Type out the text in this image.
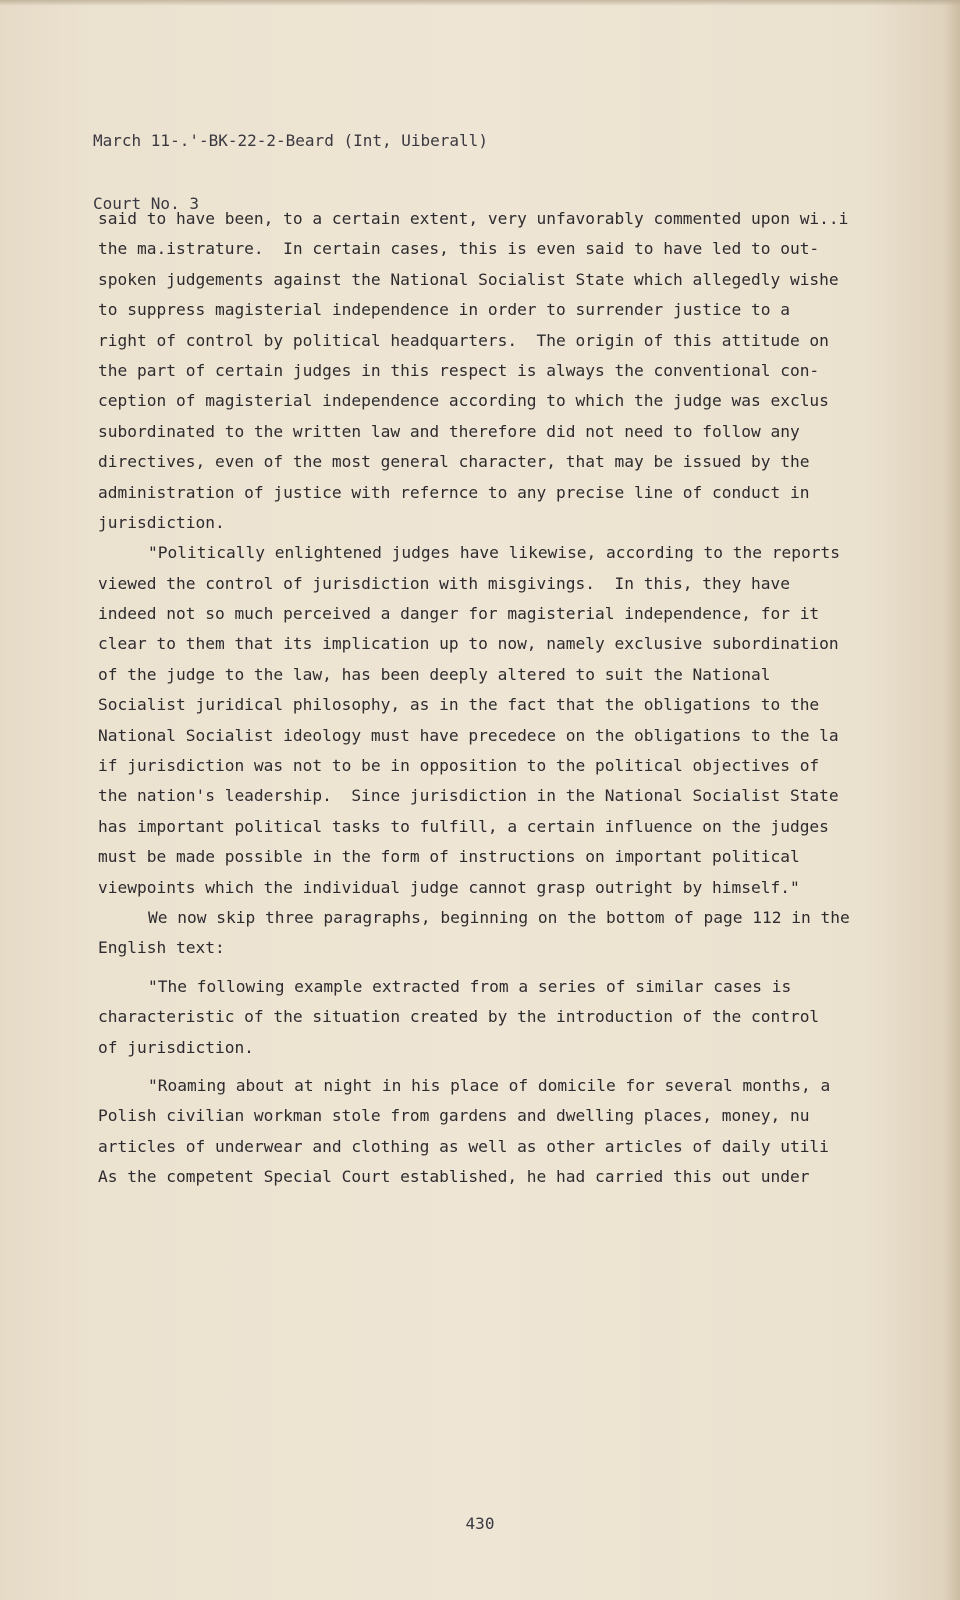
March 11-.'-BK-22-2-Beard (Int, Uiberall)

Court No. 3

said to have been, to a certain extent, very unfavorably commented upon wi..i
the ma.istrature.  In certain cases, this is even said to have led to out-
spoken judgements against the National Socialist State which allegedly wishe
to suppress magisterial independence in order to surrender justice to a
right of control by political headquarters.  The origin of this attitude on
the part of certain judges in this respect is always the conventional con-
ception of magisterial independence according to which the judge was exclus
subordinated to the written law and therefore did not need to follow any
directives, even of the most general character, that may be issued by the
administration of justice with refernce to any precise line of conduct in
jurisdiction.
"Politically enlightened judges have likewise, according to the reports
viewed the control of jurisdiction with misgivings.  In this, they have
indeed not so much perceived a danger for magisterial independence, for it
clear to them that its implication up to now, namely exclusive subordination
of the judge to the law, has been deeply altered to suit the National
Socialist juridical philosophy, as in the fact that the obligations to the
National Socialist ideology must have precedece on the obligations to the la
if jurisdiction was not to be in opposition to the political objectives of
the nation's leadership.  Since jurisdiction in the National Socialist State
has important political tasks to fulfill, a certain influence on the judges
must be made possible in the form of instructions on important political
viewpoints which the individual judge cannot grasp outright by himself."
We now skip three paragraphs, beginning on the bottom of page 112 in the
English text:
"The following example extracted from a series of similar cases is
characteristic of the situation created by the introduction of the control
of jurisdiction.
"Roaming about at night in his place of domicile for several months, a
Polish civilian workman stole from gardens and dwelling places, money, nu
articles of underwear and clothing as well as other articles of daily utili
As the competent Special Court established, he had carried this out under
430
